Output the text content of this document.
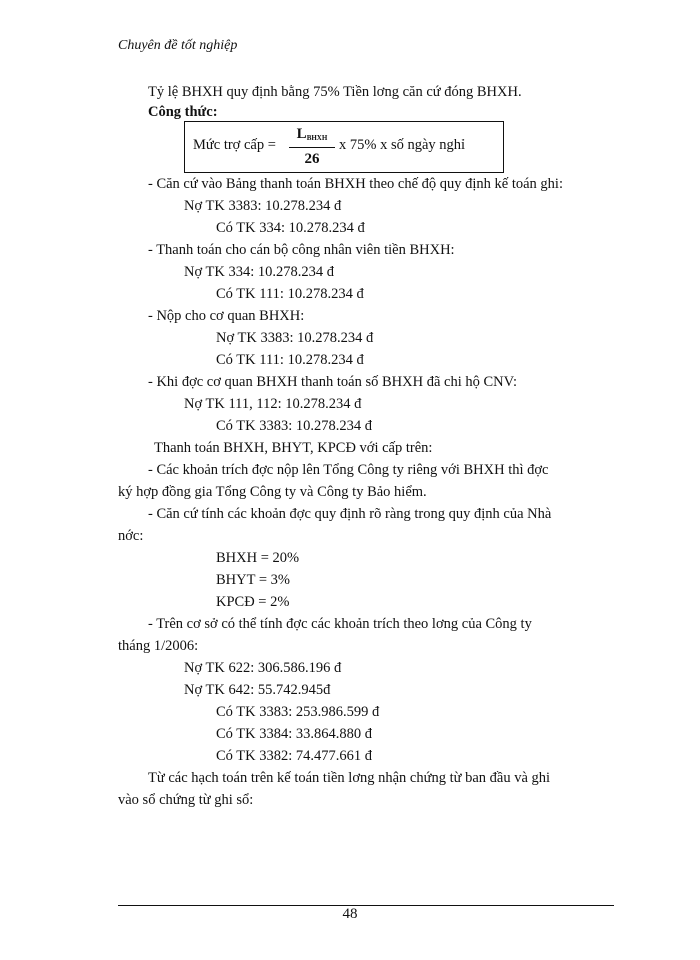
Chuyên đề tốt nghiệp
Tỷ lệ BHXH quy định bằng 75% Tiền lơng căn cứ đóng BHXH.
Công thức:
Mức trợ cấp =
$L_{BHXH}$
26
x 75% x số ngày nghỉ
- Căn cứ vào Bảng thanh toán BHXH theo chế độ quy định kế toán ghi:
Nợ TK 3383: 10.278.234 đ
Có TK 334: 10.278.234 đ
- Thanh toán cho cán bộ công nhân viên tiền BHXH:
Nợ TK 334: 10.278.234 đ
Có TK 111: 10.278.234 đ
- Nộp cho cơ quan BHXH:
Nợ TK 3383: 10.278.234 đ
Có TK 111: 10.278.234 đ
- Khi đợc cơ quan BHXH thanh toán số BHXH đã chi hộ CNV:
Nợ TK 111, 112: 10.278.234 đ
Có TK 3383: 10.278.234 đ
Thanh toán BHXH, BHYT, KPCĐ với cấp trên:
- Các khoản trích đợc nộp lên Tổng Công ty riêng với BHXH thì đợc
ký hợp đồng gia Tổng Công ty và Công ty Bảo hiểm.
- Căn cứ tính các khoản đợc quy định rõ ràng trong quy định của Nhà
nớc:
BHXH = 20%
BHYT = 3%
KPCĐ = 2%
- Trên cơ sở có thể tính đợc các khoản trích theo lơng của Công ty
tháng 1/2006:
Nợ TK 622: 306.586.196 đ
Nợ TK 642: 55.742.945đ
Có TK 3383: 253.986.599 đ
Có TK 3384: 33.864.880 đ
Có TK 3382: 74.477.661 đ
Từ các hạch toán trên kế toán tiền lơng nhận chứng từ ban đầu và ghi
vào sổ chứng từ ghi sổ:
48
